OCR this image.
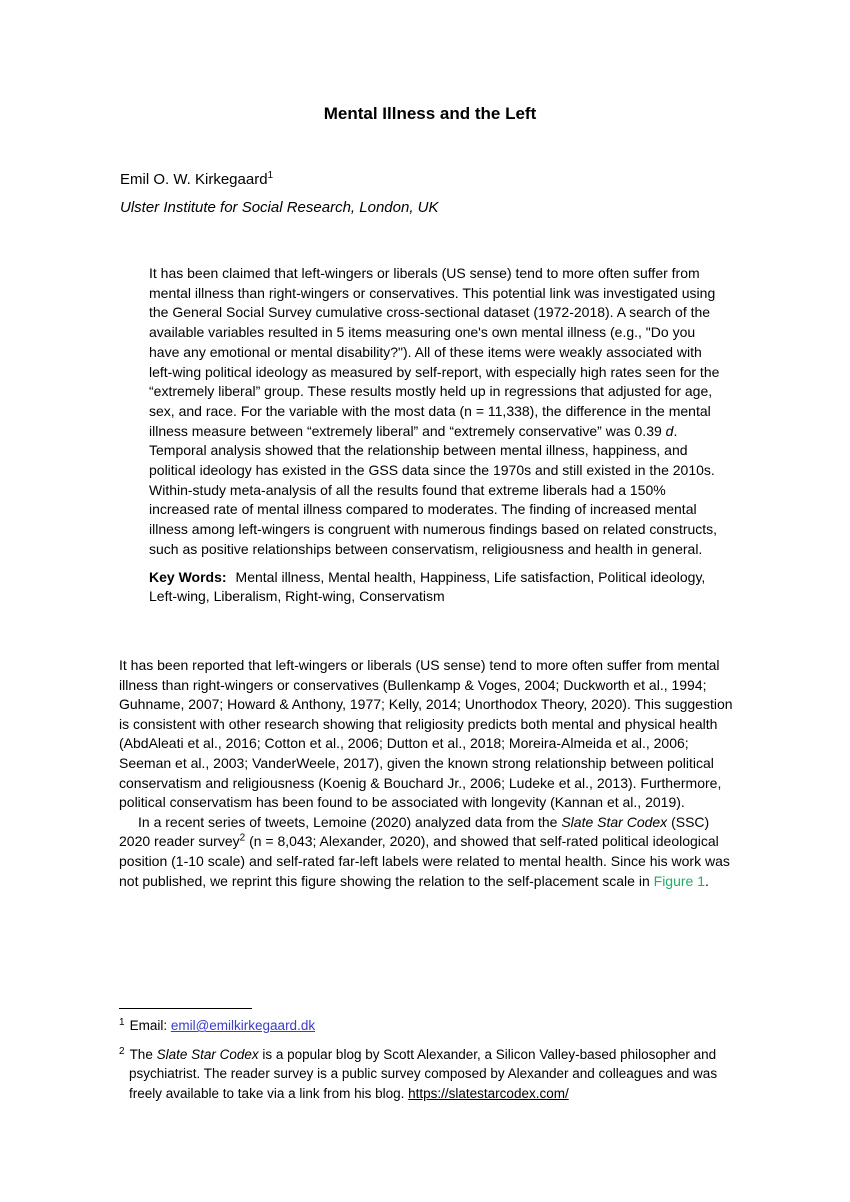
Mental Illness and the Left

Emil O. W. Kirkegaard$^1$

Ulster Institute for Social Research, London, UK

It has been claimed that left-wingers or liberals (US sense) tend to more often suffer from mental illness than right-wingers or conservatives. This potential link was investigated using the General Social Survey cumulative cross-sectional dataset (1972-2018). A search of the available variables resulted in 5 items measuring one's own mental illness (e.g., "Do you have any emotional or mental disability?"). All of these items were weakly associated with left-wing political ideology as measured by self-report, with especially high rates seen for the “extremely liberal” group. These results mostly held up in regressions that adjusted for age, sex, and race. For the variable with the most data (n = 11,338), the difference in the mental illness measure between “extremely liberal” and “extremely conservative” was 0.39 d. Temporal analysis showed that the relationship between mental illness, happiness, and political ideology has existed in the GSS data since the 1970s and still existed in the 2010s. Within-study meta-analysis of all the results found that extreme liberals had a 150% increased rate of mental illness compared to moderates. The finding of increased mental illness among left-wingers is congruent with numerous findings based on related constructs, such as positive relationships between conservatism, religiousness and health in general.

Key Words: Mental illness, Mental health, Happiness, Life satisfaction, Political ideology, Left-wing, Liberalism, Right-wing, Conservatism

It has been reported that left-wingers or liberals (US sense) tend to more often suffer from mental illness than right-wingers or conservatives (Bullenkamp & Voges, 2004; Duckworth et al., 1994; Guhname, 2007; Howard & Anthony, 1977; Kelly, 2014; Unorthodox Theory, 2020). This suggestion is consistent with other research showing that religiosity predicts both mental and physical health (AbdAleati et al., 2016; Cotton et al., 2006; Dutton et al., 2018; Moreira-Almeida et al., 2006; Seeman et al., 2003; VanderWeele, 2017), given the known strong relationship between political conservatism and religiousness (Koenig & Bouchard Jr., 2006; Ludeke et al., 2013). Furthermore, political conservatism has been found to be associated with longevity (Kannan et al., 2019).

In a recent series of tweets, Lemoine (2020) analyzed data from the Slate Star Codex (SSC) 2020 reader survey$^2$ (n = 8,043; Alexander, 2020), and showed that self-rated political ideological position (1-10 scale) and self-rated far-left labels were related to mental health. Since his work was not published, we reprint this figure showing the relation to the self-placement scale in Figure 1.

$^1$ Email: emil@emilkirkegaard.dk

$^2$ The Slate Star Codex is a popular blog by Scott Alexander, a Silicon Valley-based philosopher and psychiatrist. The reader survey is a public survey composed by Alexander and colleagues and was freely available to take via a link from his blog. https://slatestarcodex.com/
